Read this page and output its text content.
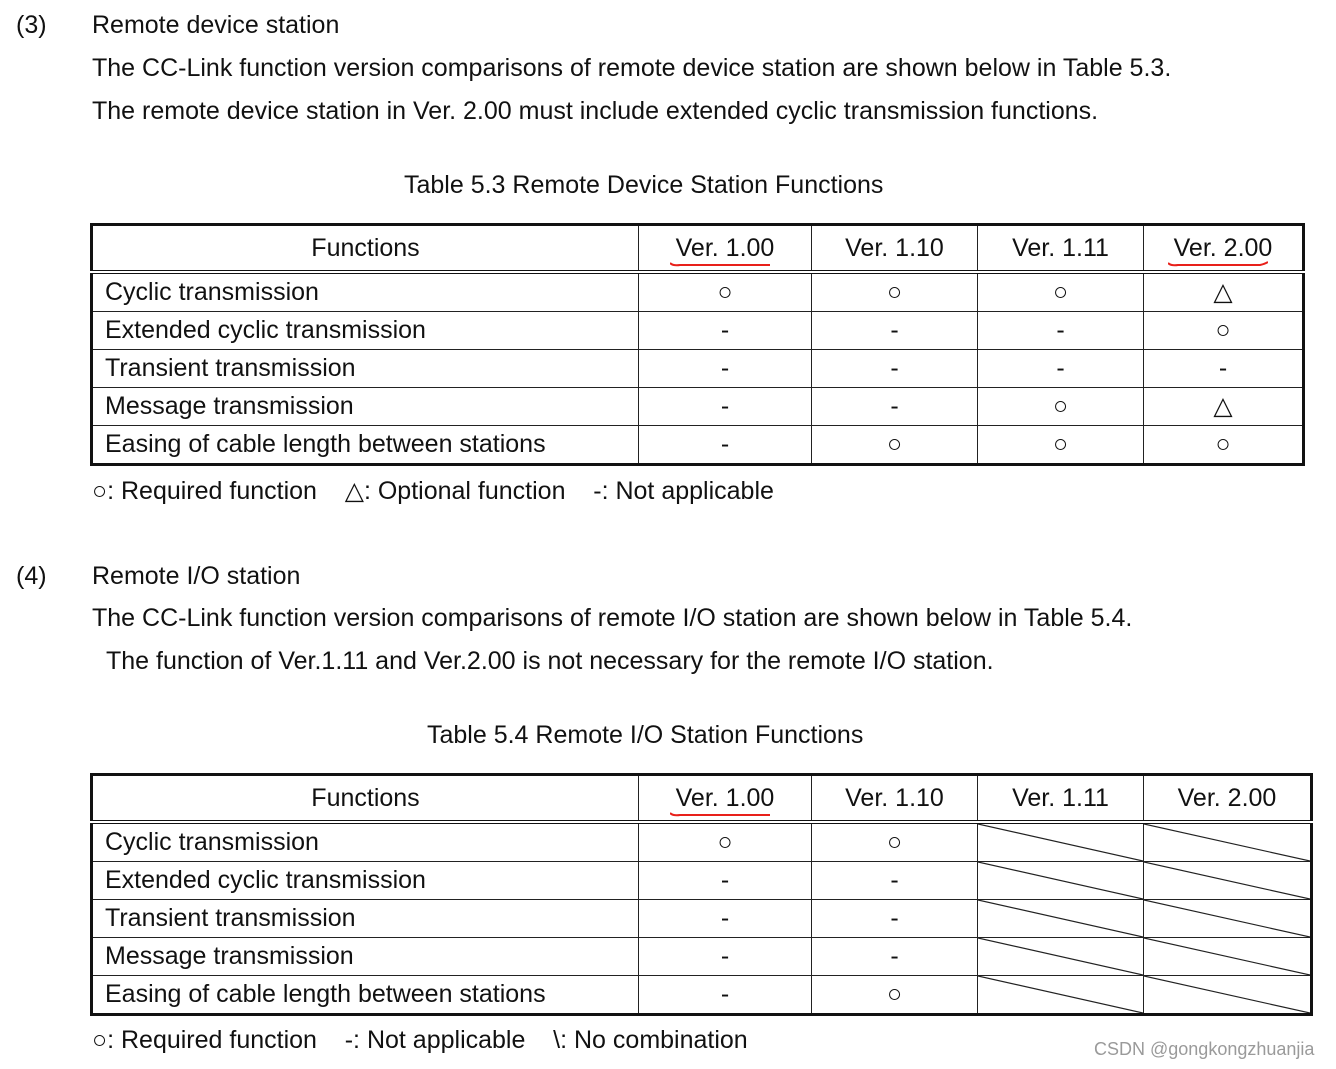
(3) Remote device station
The CC-Link function version comparisons of remote device station are shown below in Table 5.3.
The remote device station in Ver. 2.00 must include extended cyclic transmission functions.
Table 5.3 Remote Device Station Functions
Functions	Ver. 1.00	Ver. 1.10	Ver. 1.11	Ver. 2.00

Cyclic transmission	○	○	○	△
Extended cyclic transmission	-	-	-	○
Transient transmission	-	-	-	-
Message transmission	-	-	○	△
Easing of cable length between stations	-	○	○	○
○: Required function    △: Optional function    -: Not applicable
(4) Remote I/O station
The CC-Link function version comparisons of remote I/O station are shown below in Table 5.4.
The function of Ver.1.11 and Ver.2.00 is not necessary for the remote I/O station.
Table 5.4 Remote I/O Station Functions
Functions	Ver. 1.00	Ver. 1.10	Ver. 1.11	Ver. 2.00
Cyclic transmission	○	○	

Extended cyclic transmission	-	-	

Transient transmission	-	-	

Message transmission	-	-	

Easing of cable length between stations	-	○	

○: Required function    -: Not applicable    \: No combination	CSDN @gongkongzhuanjia
